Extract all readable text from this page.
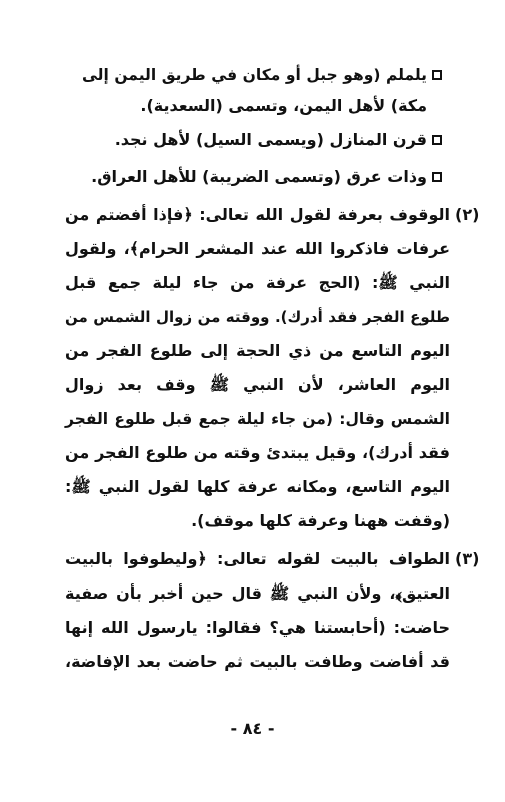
يلملم (وهو جبل أو مكان في طريق اليمن إلى
مكة) لأهل اليمن، وتسمى (السعدية).
قرن المنازل (ويسمى السيل) لأهل نجد.
وذات عرق (وتسمى الضريبة) للأهل العراق.
(٢)
الوقوف بعرفة لقول الله تعالى: ﴿فإذا أفضتم من
عرفات فاذكروا الله عند المشعر الحرام﴾، ولقول
النبي ﷺ: (الحج عرفة من جاء ليلة جمع قبل
طلوع الفجر فقد أدرك). ووقته من زوال الشمس من
اليوم التاسع من ذي الحجة إلى طلوع الفجر من
اليوم العاشر، لأن النبي ﷺ وقف بعد زوال
الشمس وقال: (من جاء ليلة جمع قبل طلوع الفجر
فقد أدرك)، وقيل يبتدئ وقته من طلوع الفجر من
اليوم التاسع، ومكانه عرفة كلها لقول النبي ﷺ:
(وقفت ههنا وعرفة كلها موقف).
(٣)
الطواف بالبيت لقوله تعالى: ﴿وليطوفوا بالبيت
العتيق﴾، ولأن النبي ﷺ قال حين أخبر بأن صفية
حاضت: (أحابستنا هي؟ فقالوا: يارسول الله إنها
قد أفاضت وطافت بالبيت ثم حاضت بعد الإفاضة،
- ٨٤ -
